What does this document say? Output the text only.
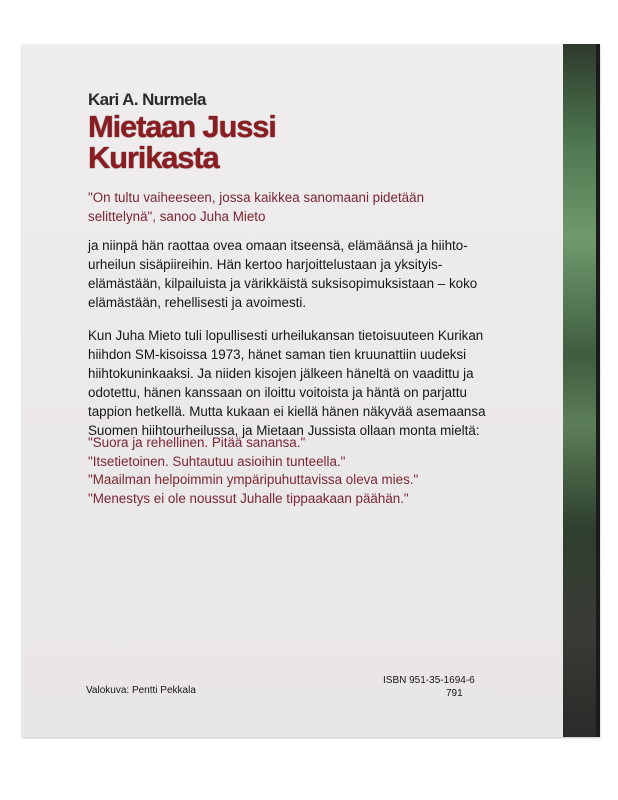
Kari A. Nurmela
Mietaan Jussi
Kurikasta
"On tultu vaiheeseen, jossa kaikkea sanomaani pidetään
selittelynä", sanoo Juha Mieto
ja niinpä hän raottaa ovea omaan itseensä, elämäänsä ja hiihto-
urheilun sisäpiireihin. Hän kertoo harjoittelustaan ja yksityis-
elämästään, kilpailuista ja värikkäistä suksisopimuksistaan – koko
elämästään, rehellisesti ja avoimesti.
Kun Juha Mieto tuli lopullisesti urheilukansan tietoisuuteen Kurikan
hiihdon SM-kisoissa 1973, hänet saman tien kruunattiin uudeksi
hiihtokuninkaaksi. Ja niiden kisojen jälkeen häneltä on vaadittu ja
odotettu, hänen kanssaan on iloittu voitoista ja häntä on parjattu
tappion hetkellä. Mutta kukaan ei kiellä hänen näkyvää asemaansa
Suomen hiihtourheilussa, ja Mietaan Jussista ollaan monta mieltä:
"Suora ja rehellinen. Pitää sanansa."
"Itsetietoinen. Suhtautuu asioihin tunteella."
"Maailman helpoimmin ympäripuhuttavissa oleva mies."
"Menestys ei ole noussut Juhalle tippaakaan päähän."
Valokuva: Pentti Pekkala
ISBN 951-35-1694-6
791
